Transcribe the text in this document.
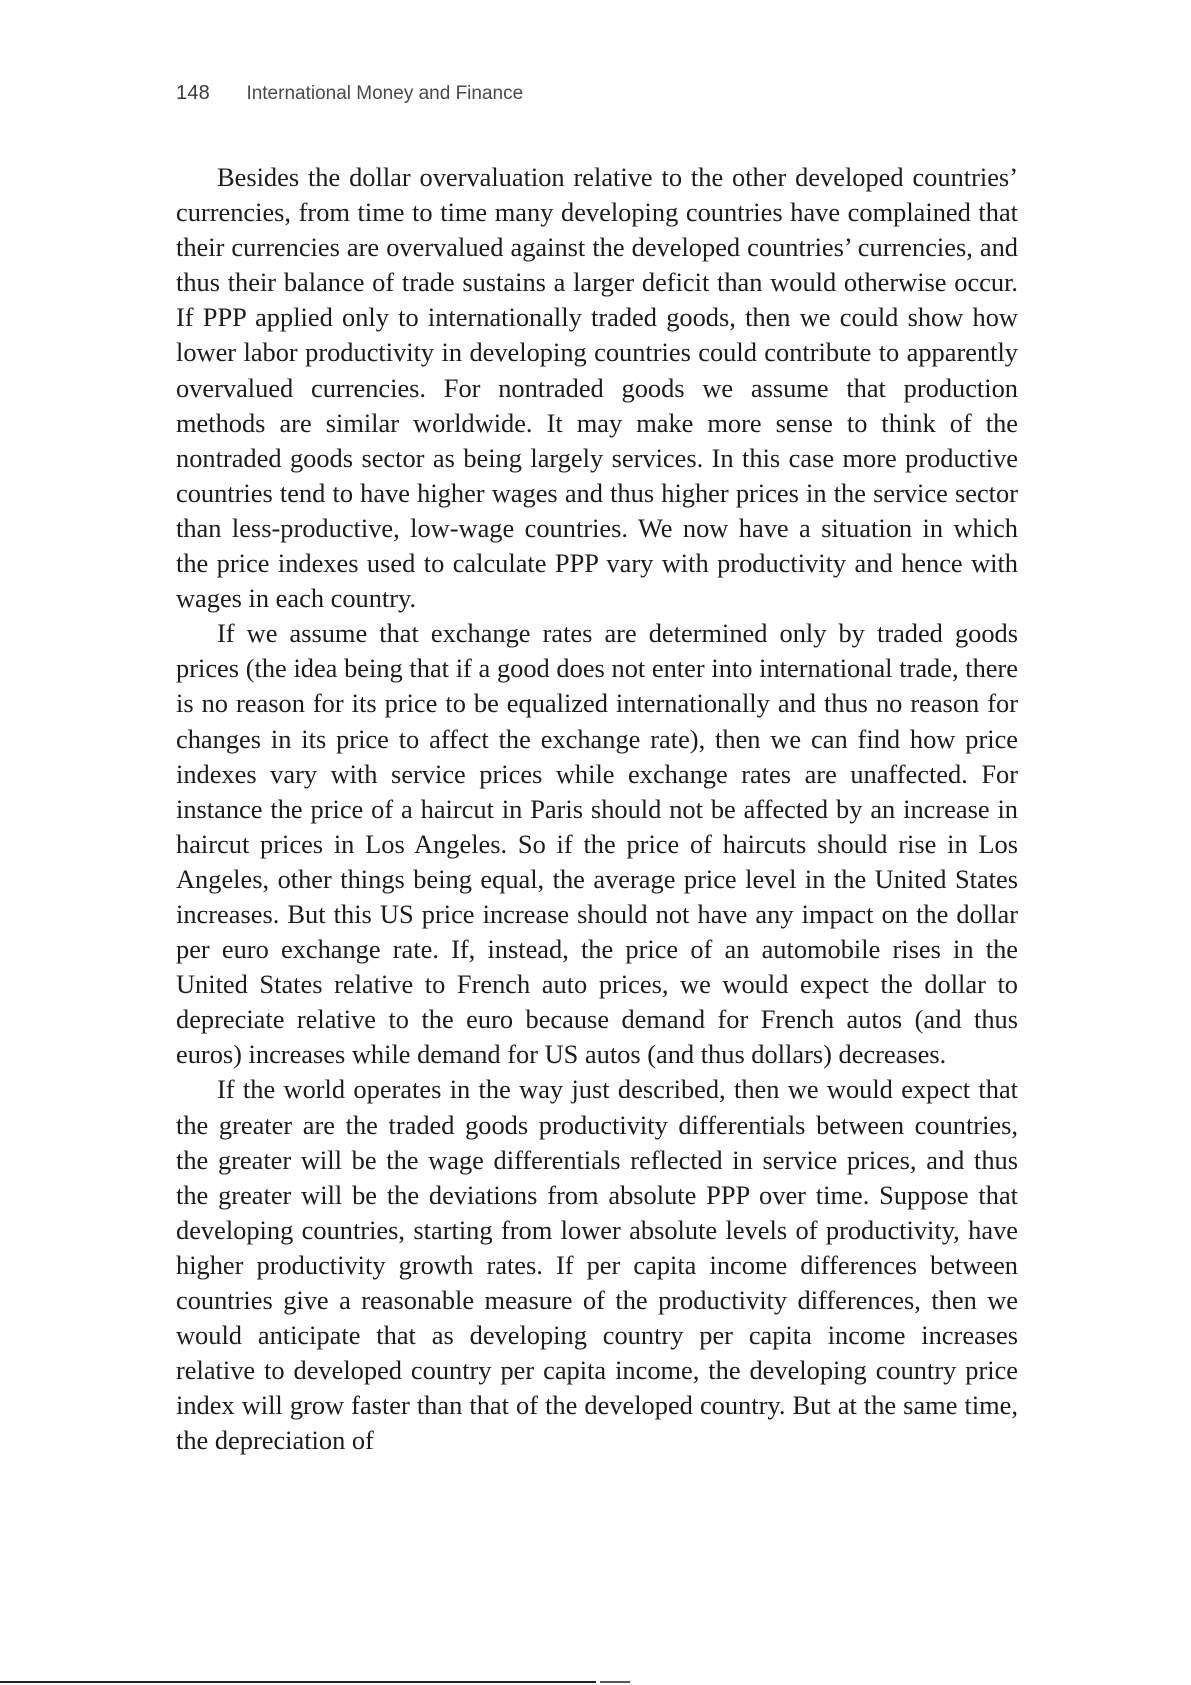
148 International Money and Finance

Besides the dollar overvaluation relative to the other developed countries’ currencies, from time to time many developing countries have complained that their currencies are overvalued against the developed countries’ currencies, and thus their balance of trade sustains a larger deficit than would otherwise occur. If PPP applied only to internationally traded goods, then we could show how lower labor productivity in developing countries could contribute to apparently overvalued currencies. For nontraded goods we assume that production methods are similar worldwide. It may make more sense to think of the nontraded goods sector as being largely services. In this case more productive countries tend to have higher wages and thus higher prices in the service sector than less-productive, low-wage countries. We now have a situation in which the price indexes used to calculate PPP vary with productivity and hence with wages in each country.

If we assume that exchange rates are determined only by traded goods prices (the idea being that if a good does not enter into international trade, there is no reason for its price to be equalized internationally and thus no reason for changes in its price to affect the exchange rate), then we can find how price indexes vary with service prices while exchange rates are unaffected. For instance the price of a haircut in Paris should not be affected by an increase in haircut prices in Los Angeles. So if the price of haircuts should rise in Los Angeles, other things being equal, the average price level in the United States increases. But this US price increase should not have any impact on the dollar per euro exchange rate. If, instead, the price of an automobile rises in the United States relative to French auto prices, we would expect the dollar to depreciate relative to the euro because demand for French autos (and thus euros) increases while demand for US autos (and thus dollars) decreases.

If the world operates in the way just described, then we would expect that the greater are the traded goods productivity differentials between countries, the greater will be the wage differentials reflected in service prices, and thus the greater will be the deviations from absolute PPP over time. Suppose that developing countries, starting from lower absolute levels of productivity, have higher productivity growth rates. If per capita income differences between countries give a reasonable measure of the productivity differences, then we would anticipate that as developing country per capita income increases relative to developed country per capita income, the developing country price index will grow faster than that of the developed country. But at the same time, the depreciation of
